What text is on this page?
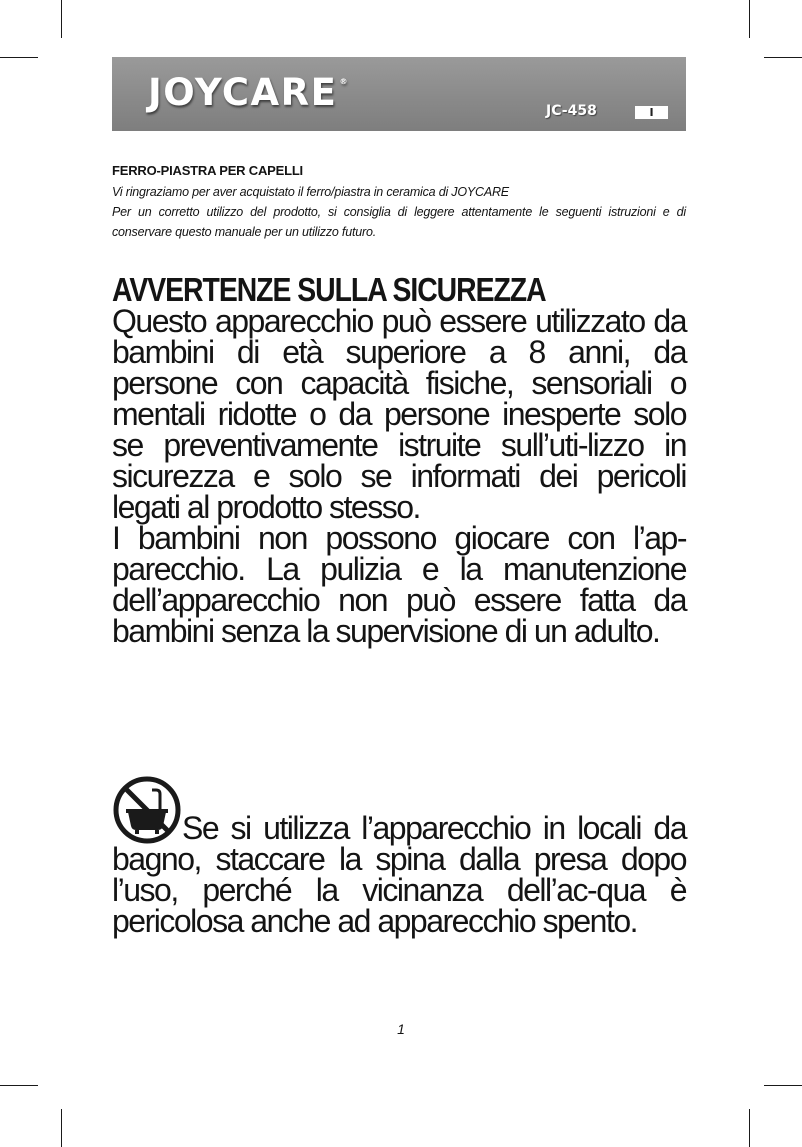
JOYCARE ®
JC-458	I
FERRO-PIASTRA PER CAPELLI
Vi ringraziamo per aver acquistato il ferro/piastra in ceramica di JOYCARE
Per un corretto utilizzo del prodotto, si consiglia di leggere attentamente le seguenti istruzioni e di conservare questo manuale per un utilizzo futuro.
AVVERTENZE SULLA SICUREZZA

Questo apparecchio può essere utilizzato da bambini di età superiore a 8 anni, da persone con capacità fisiche, sensoriali o mentali ridotte o da persone inesperte solo se preventivamente istruite sull’uti-lizzo in sicurezza e solo se informati dei pericoli legati al prodotto stesso.

I bambini non possono giocare con l’ap-parecchio. La pulizia e la manutenzione dell’apparecchio non può essere fatta da bambini senza la supervisione di un adulto.

Se si utilizza l’apparecchio in locali da bagno, staccare la spina dalla presa dopo l’uso, perché la vicinanza dell’ac-qua è pericolosa anche ad apparecchio spento.
1
